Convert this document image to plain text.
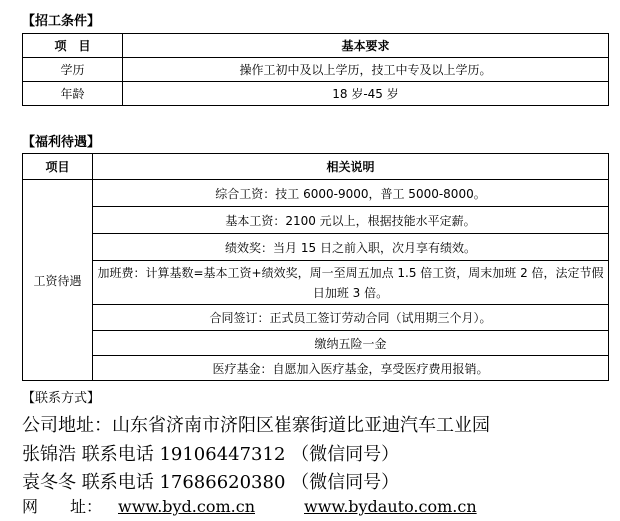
【招工条件】
项　目	基本要求
学历	操作工初中及以上学历，技工中专及以上学历。
年龄	18 岁-45 岁
【福利待遇】
项目	相关说明
工资待遇	综合工资：技工 6000-9000，普工 5000-8000。
	基本工资：2100 元以上，根据技能水平定薪。
	绩效奖：当月 15 日之前入职，次月享有绩效。
	加班费：计算基数=基本工资+绩效奖，周一至周五加点 1.5 倍工资，周末加班 2 倍，法定节假日加班 3 倍。
	合同签订：正式员工签订劳动合同（试用期三个月）。
	缴纳五险一金
	医疗基金：自愿加入医疗基金，享受医疗费用报销。
【联系方式】
公司地址：山东省济南市济阳区崔寨街道比亚迪汽车工业园
张锦浩 联系电话 19106447312 （微信同号）
袁冬冬 联系电话 17686620380 （微信同号）
网　　址： www.byd.com.cn	www.bydauto.com.cn
